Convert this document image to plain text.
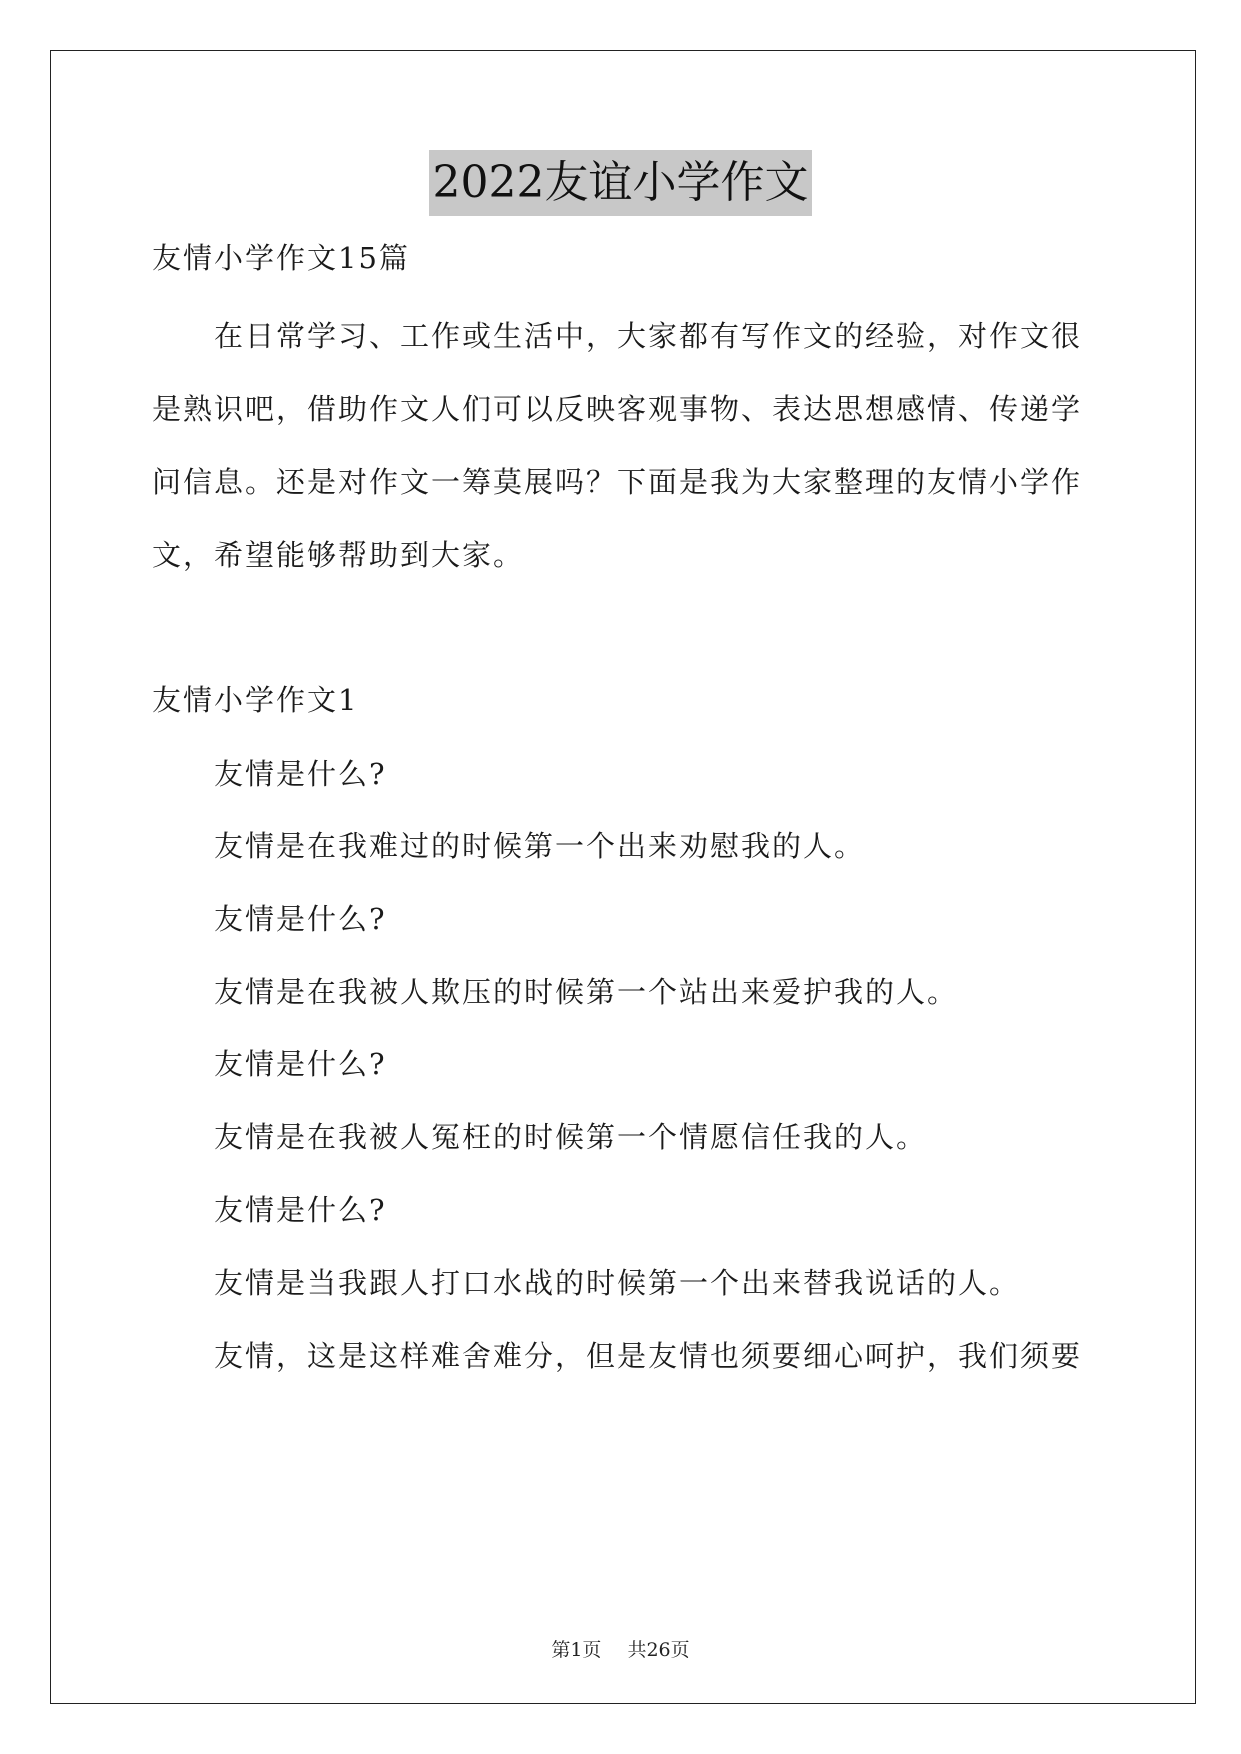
2022友谊小学作文
友情小学作文15篇
在日常学习、工作或生活中，大家都有写作文的经验，对作文很
是熟识吧，借助作文人们可以反映客观事物、表达思想感情、传递学
问信息。还是对作文一筹莫展吗？下面是我为大家整理的友情小学作
文，希望能够帮助到大家。
友情小学作文1
友情是什么?
友情是在我难过的时候第一个出来劝慰我的人。
友情是什么?
友情是在我被人欺压的时候第一个站出来爱护我的人。
友情是什么?
友情是在我被人冤枉的时候第一个情愿信任我的人。
友情是什么?
友情是当我跟人打口水战的时候第一个出来替我说话的人。
友情，这是这样难舍难分，但是友情也须要细心呵护，我们须要
第1页 共26页
